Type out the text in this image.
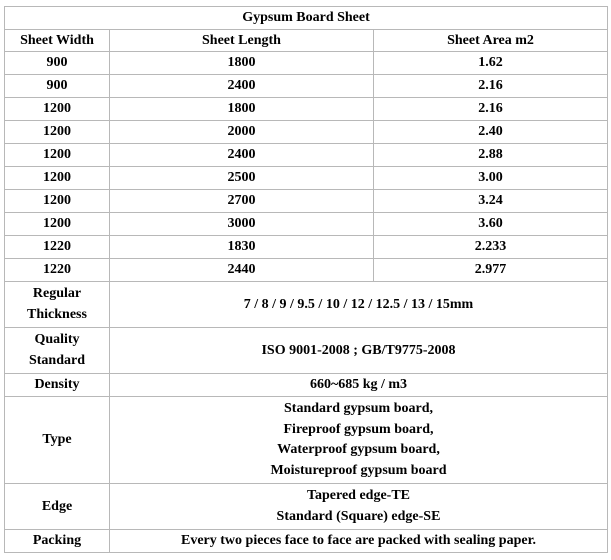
Gypsum Board Sheet		
Sheet Width	Sheet Length	Sheet Area m2
900	1800	1.62
900	2400	2.16
1200	1800	2.16
1200	2000	2.40
1200	2400	2.88
1200	2500	3.00
1200	2700	3.24
1200	3000	3.60
1220	1830	2.233
1220	2440	2.977

Regular
Thickness	7 / 8 / 9 / 9.5 / 10 / 12 / 12.5 / 13 / 15mm	

Quality
Standard	ISO 9001-2008 ; GB/T9775-2008	
Density	660~685 kg / m3	
Type	Standard gypsum board,
Fireproof gypsum board,
Waterproof gypsum board,
Moistureproof gypsum board	

Edge	Tapered edge-TE
Standard (Square) edge-SE	

Packing	Every two pieces face to face are packed with sealing paper.	
